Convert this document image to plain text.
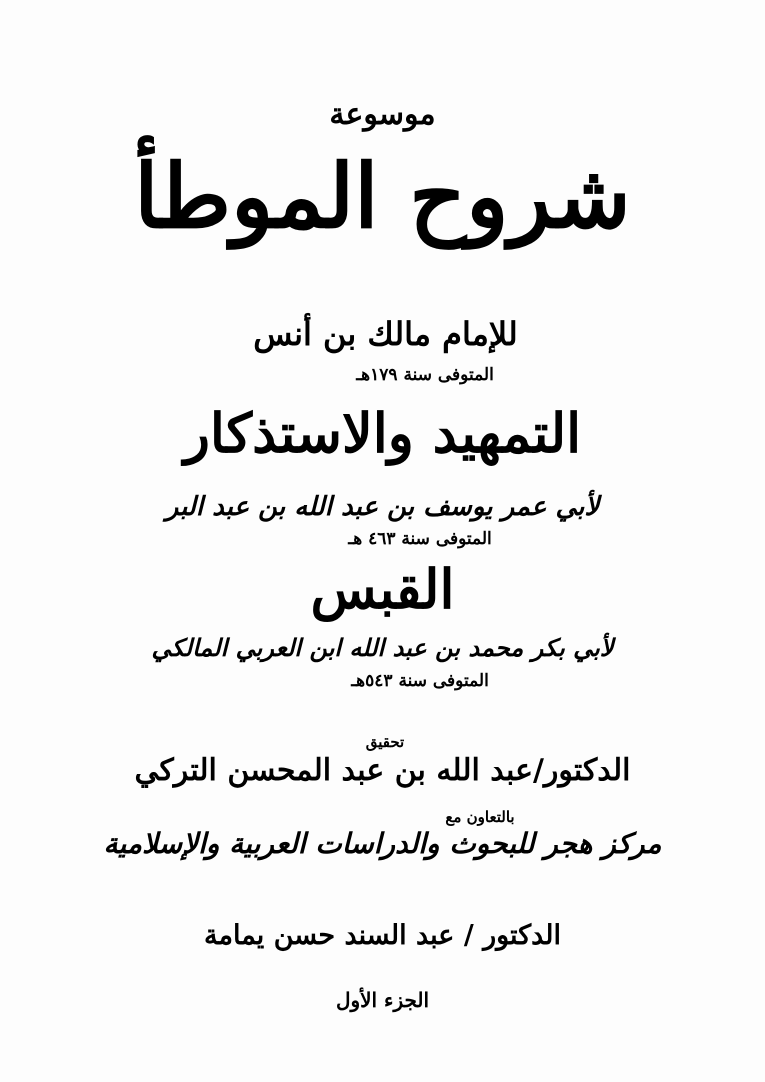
موسوعة
شروح الموطأ
للإمام مالك بن أنس
المتوفى سنة ١٧٩هـ
التمهيد والاستذكار
لأبي عمر يوسف بن عبد الله بن عبد البر
المتوفى سنة ٤٦٣ هـ
القبس
لأبي بكر محمد بن عبد الله ابن العربي المالكي
المتوفى سنة ٥٤٣هـ
تحقيق
الدكتور/عبد الله بن عبد المحسن التركي
بالتعاون مع
مركز هجر للبحوث والدراسات العربية والإسلامية
الدكتور / عبد السند حسن يمامة
الجزء الأول
